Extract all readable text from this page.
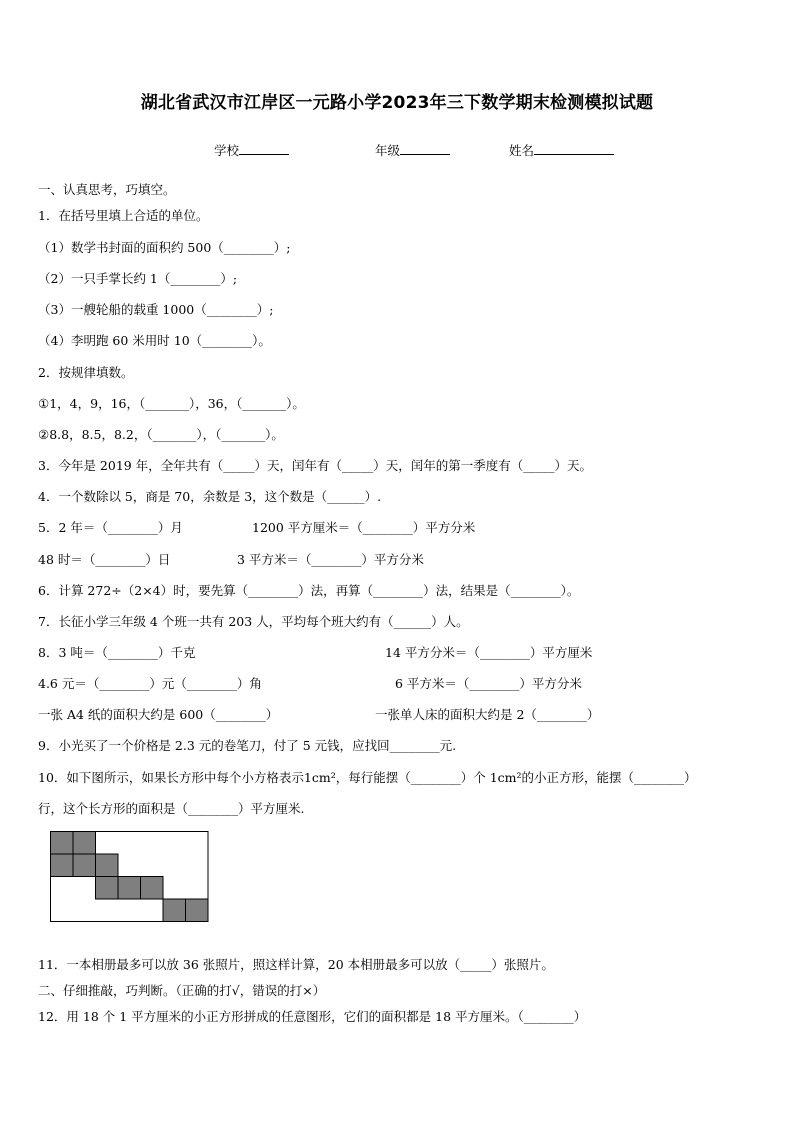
湖北省武汉市江岸区一元路小学2023年三下数学期末检测模拟试题
学校	年级	姓名
一、认真思考，巧填空。
1．在括号里填上合适的单位。
（1）数学书封面的面积约 500（________）;
（2）一只手掌长约 1（________）;
（3）一艘轮船的载重 1000（________）;
（4）李明跑 60 米用时 10（________）。
2．按规律填数。
①1，4，9，16，（_______），36，（_______）。
②8.8，8.5，8.2，（_______），（_______）。
3．今年是 2019 年，全年共有（_____）天，闰年有（_____）天，闰年的第一季度有（_____）天。
4．一个数除以 5，商是 70，余数是 3，这个数是（______）.
5．2 年＝（________）月	1200 平方厘米＝（________）平方分米
48 时＝（________）日	3 平方米＝（________）平方分米
6．计算 272÷（2×4）时，要先算（________）法，再算（________）法，结果是（________）。
7．长征小学三年级 4 个班一共有 203 人，平均每个班大约有（______）人。
8．3 吨＝（________）千克	14 平方分米＝（________）平方厘米
4.6 元＝（________）元（________）角	6 平方米＝（________）平方分米
一张 A4 纸的面积大约是 600（________）	一张单人床的面积大约是 2（________）
9．小光买了一个价格是 2.3 元的卷笔刀，付了 5 元钱，应找回________元.
10．如下图所示，如果长方形中每个小方格表示1cm²，每行能摆（________）个 1cm²的小正方形，能摆（________）
行，这个长方形的面积是（________）平方厘米.
11．一本相册最多可以放 36 张照片，照这样计算，20 本相册最多可以放（_____）张照片。
二、仔细推敲，巧判断。（正确的打√，错误的打×）
12．用 18 个 1 平方厘米的小正方形拼成的任意图形，它们的面积都是 18 平方厘米。（________）
